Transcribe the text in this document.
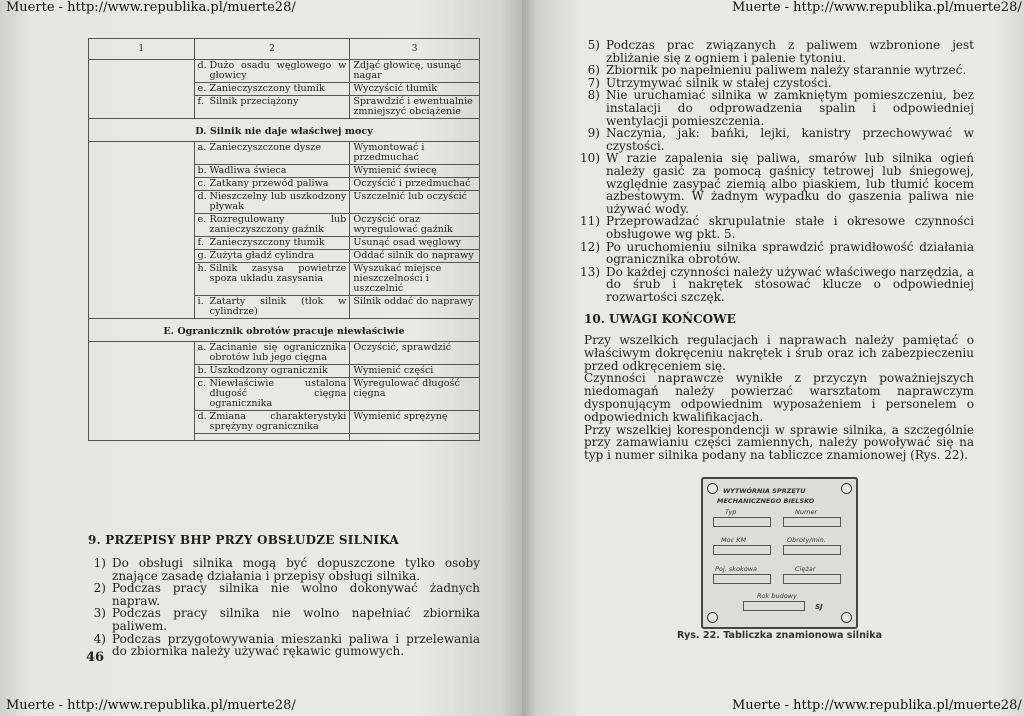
Muerte - http://www.republika.pl/muerte28/
Muerte - http://www.republika.pl/muerte28/
1	2	3

	d. Dużo osadu węglowego w głowicy	Zdjąć głowicę, usunąć nagar

	e. Zanieczyszczony tłumik	Wyczyścić tłumik

	f. Silnik przeciążony	Sprawdzić i ewentualnie zmniejszyć obciążenie
D. Silnik nie daje właściwej mocy		

	a. Zanieczyszczone dysze	Wymontować i przedmuchać

	b. Wadliwa świeca	Wymienić świecę

	c. Zatkany przewód paliwa	Oczyścić i przedmuchać

	d. Nieszczelny lub uszkodzony pływak	Uszczelnić lub oczyścić

	e. Rozregulowany lub zanieczyszczony gaźnik	Oczyścić oraz wyregulować gaźnik

	f. Zanieczyszczony tłumik	Usunąć osad węglowy

	g. Zużyta gładź cylindra	Oddać silnik do naprawy

	h. Silnik zasysa powietrze spoza układu zasysania	Wyszukać miejsce nieszczelności i uszczelnić

	i. Zatarty silnik (tłok w cylindrze)	Silnik oddać do naprawy
E. Ogranicznik obrotów pracuje niewłaściwie		

	a. Zacinanie się ogranicznika obrotów lub jego cięgna	Oczyścić, sprawdzić

	b. Uszkodzony ogranicznik	Wymienić części

	c. Niewłaściwie ustalona długość cięgna ogranicznika	Wyregulować długość cięgna

	d. Zmiana charakterystyki sprężyny ogranicznika	Wymienić sprężynę

9. PRZEPISY BHP PRZY OBSŁUDZE SILNIKA
1) Do obsługi silnika mogą być dopuszczone tylko osoby znające zasadę działania i przepisy obsługi silnika.
2) Podczas pracy silnika nie wolno dokonywać żadnych napraw.
3) Podczas pracy silnika nie wolno napełniać zbiornika paliwem.
4) Podczas przygotowywania mieszanki paliwa i przelewania do zbiornika należy używać rękawic gumowych.
46
Muerte - http://www.republika.pl/muerte28/
Muerte - http://www.republika.pl/muerte28/
5) Podczas prac związanych z paliwem wzbronione jest zbliżanie się z ogniem i palenie tytoniu.
6) Zbiornik po napełnieniu paliwem należy starannie wytrzeć.
7) Utrzymywać silnik w stałej czystości.
8) Nie uruchamiać silnika w zamkniętym pomieszczeniu, bez instalacji do odprowadzenia spalin i odpowiedniej wentylacji pomieszczenia.
9) Naczynia, jak: bańki, lejki, kanistry przechowywać w czystości.
10) W razie zapalenia się paliwa, smarów lub silnika ogień należy gasić za pomocą gaśnicy tetrowej lub śniegowej, względnie zasypać ziemią albo piaskiem, lub tłumić kocem azbestowym. W żadnym wypadku do gaszenia paliwa nie używać wody.
11) Przeprowadzać skrupulatnie stałe i okresowe czynności obsługowe wg pkt. 5.
12) Po uruchomieniu silnika sprawdzić prawidłowość działania ogranicznika obrotów.
13) Do każdej czynności należy używać właściwego narzędzia, a do śrub i nakrętek stosować klucze o odpowiedniej rozwartości szczęk.
10. UWAGI KOŃCOWE

Przy wszelkich regulacjach i naprawach należy pamiętać o właściwym dokręceniu nakrętek i śrub oraz ich zabezpieczeniu przed odkręceniem się.

Czynności naprawcze wynikłe z przyczyn poważniejszych niedomagań należy powierzać warsztatom naprawczym dysponującym odpowiednim wyposażeniem i personelem o odpowiednich kwalifikacjach.

Przy wszelkiej korespondencji w sprawie silnika, a szczególnie przy zamawianiu części zamiennych, należy powoływać się na typ i numer silnika podany na tabliczce znamionowej (Rys. 22).

WYTWÓRNIA SPRZĘTU
MECHANICZNEGO BIELSKO
Typ	Numer
Moc KM	Obroty/min.
Poj. skokowa	Ciężar
Rok budowy
SJ
Rys. 22. Tabliczka znamionowa silnika
